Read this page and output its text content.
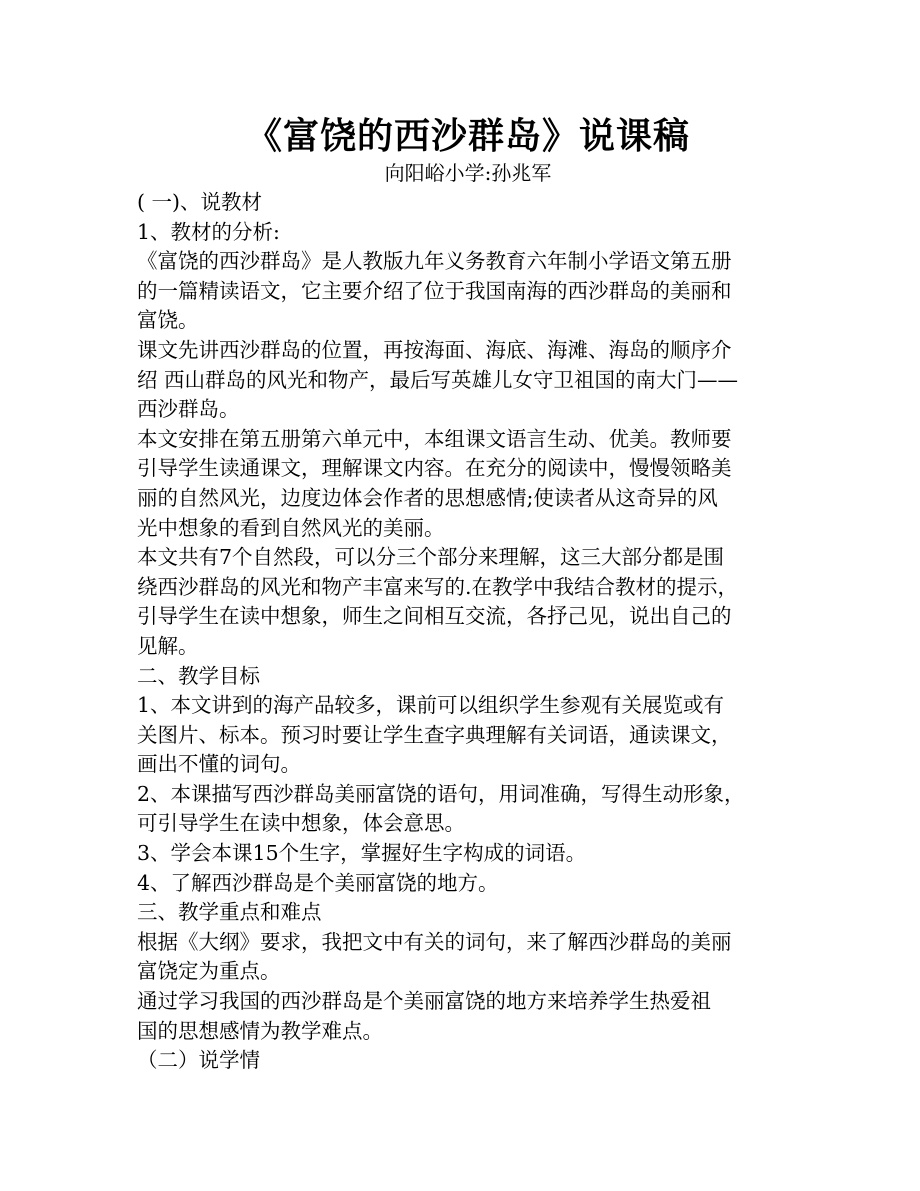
《富饶的西沙群岛》说课稿

向阳峪小学:孙兆军

( 一)、说教材

1、教材的分析:

《富饶的西沙群岛》是人教版九年义务教育六年制小学语文第五册

的一篇精读语文，它主要介绍了位于我国南海的西沙群岛的美丽和

富饶。

课文先讲西沙群岛的位置，再按海面、海底、海滩、海岛的顺序介

绍 西山群岛的风光和物产，最后写英雄儿女守卫祖国的南大门——

西沙群岛。

本文安排在第五册第六单元中，本组课文语言生动、优美。教师要

引导学生读通课文，理解课文内容。在充分的阅读中，慢慢领略美

丽的自然风光，边度边体会作者的思想感情;使读者从这奇异的风

光中想象的看到自然风光的美丽。

本文共有7个自然段，可以分三个部分来理解，这三大部分都是围

绕西沙群岛的风光和物产丰富来写的.在教学中我结合教材的提示，

引导学生在读中想象，师生之间相互交流，各抒己见，说出自己的

见解。

二、教学目标

1、本文讲到的海产品较多，课前可以组织学生参观有关展览或有

关图片、标本。预习时要让学生查字典理解有关词语，通读课文，

画出不懂的词句。

2、本课描写西沙群岛美丽富饶的语句，用词准确，写得生动形象，

可引导学生在读中想象，体会意思。

3、学会本课15个生字，掌握好生字构成的词语。

4、了解西沙群岛是个美丽富饶的地方。

三、教学重点和难点

根据《大纲》要求，我把文中有关的词句，来了解西沙群岛的美丽

富饶定为重点。

通过学习我国的西沙群岛是个美丽富饶的地方来培养学生热爱祖

国的思想感情为教学难点。

（二）说学情
